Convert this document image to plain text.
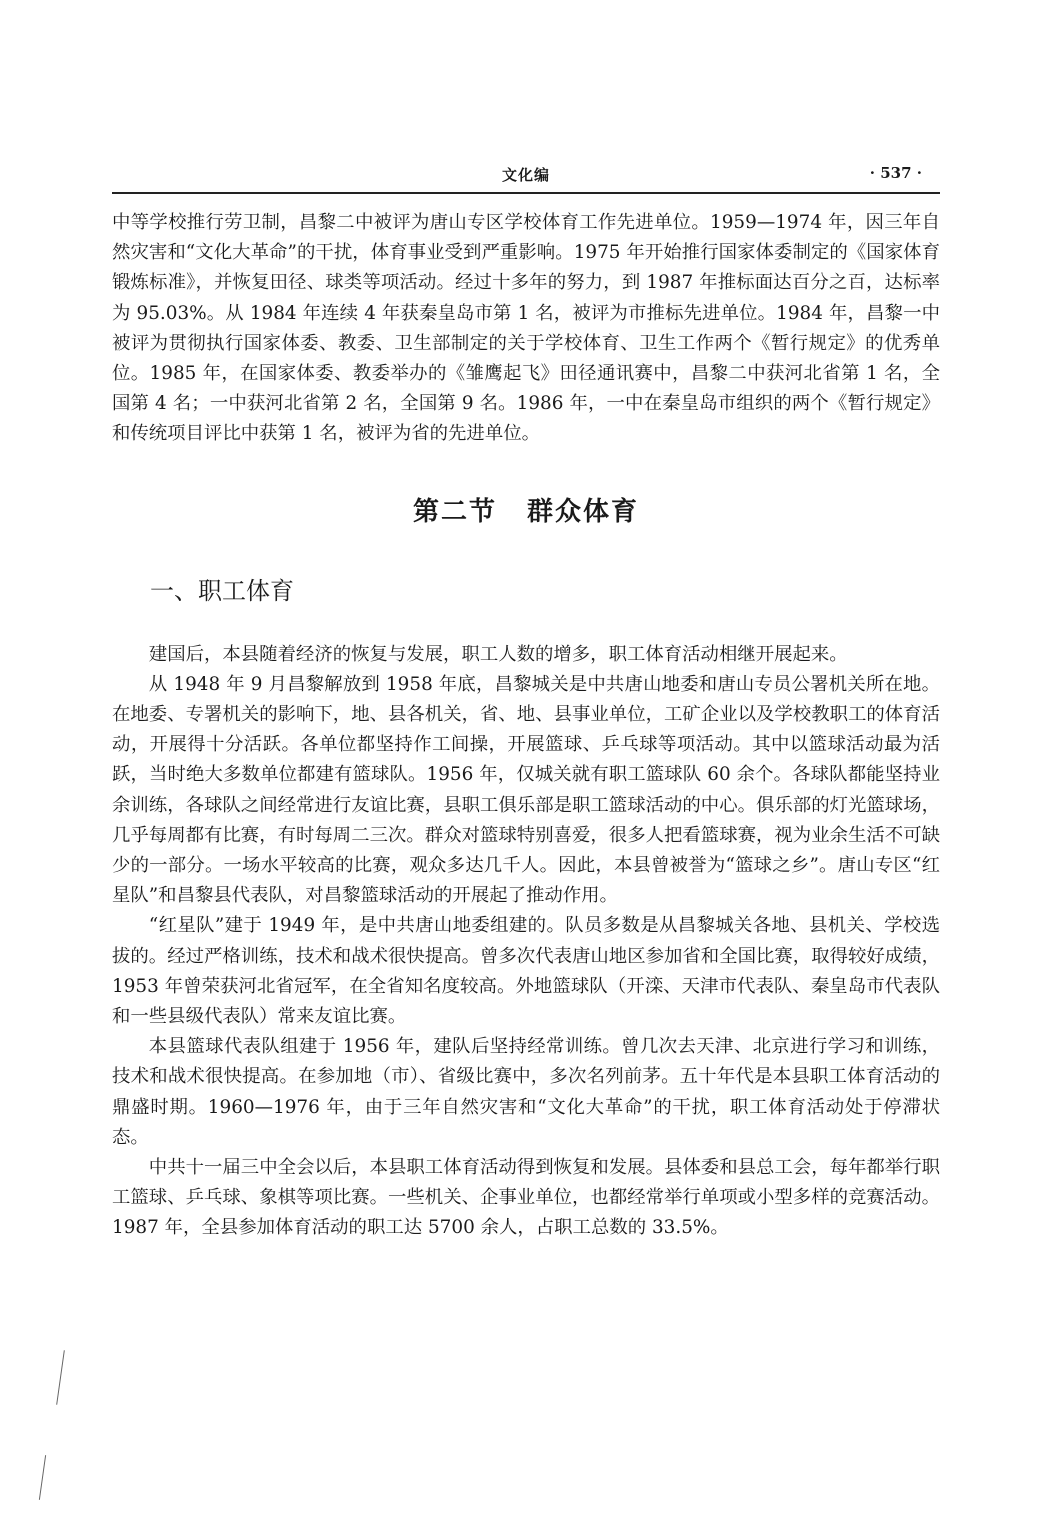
文化编	· 537 ·

中等学校推行劳卫制，昌黎二中被评为唐山专区学校体育工作先进单位。1959—1974 年，因三年自然灾害和“文化大革命”的干扰，体育事业受到严重影响。1975 年开始推行国家体委制定的《国家体育锻炼标准》，并恢复田径、球类等项活动。经过十多年的努力，到 1987 年推标面达百分之百，达标率为 95.03%。从 1984 年连续 4 年获秦皇岛市第 1 名，被评为市推标先进单位。1984 年，昌黎一中被评为贯彻执行国家体委、教委、卫生部制定的关于学校体育、卫生工作两个《暂行规定》的优秀单位。1985 年，在国家体委、教委举办的《雏鹰起飞》田径通讯赛中，昌黎二中获河北省第 1 名，全国第 4 名；一中获河北省第 2 名，全国第 9 名。1986 年，一中在秦皇岛市组织的两个《暂行规定》和传统项目评比中获第 1 名，被评为省的先进单位。

第二节 群众体育
一、职工体育

建国后，本县随着经济的恢复与发展，职工人数的增多，职工体育活动相继开展起来。

从 1948 年 9 月昌黎解放到 1958 年底，昌黎城关是中共唐山地委和唐山专员公署机关所在地。在地委、专署机关的影响下，地、县各机关，省、地、县事业单位，工矿企业以及学校教职工的体育活动，开展得十分活跃。各单位都坚持作工间操，开展篮球、乒乓球等项活动。其中以篮球活动最为活跃，当时绝大多数单位都建有篮球队。1956 年，仅城关就有职工篮球队 60 余个。各球队都能坚持业余训练，各球队之间经常进行友谊比赛，县职工俱乐部是职工篮球活动的中心。俱乐部的灯光篮球场，几乎每周都有比赛，有时每周二三次。群众对篮球特别喜爱，很多人把看篮球赛，视为业余生活不可缺少的一部分。一场水平较高的比赛，观众多达几千人。因此，本县曾被誉为“篮球之乡”。唐山专区“红星队”和昌黎县代表队，对昌黎篮球活动的开展起了推动作用。

“红星队”建于 1949 年，是中共唐山地委组建的。队员多数是从昌黎城关各地、县机关、学校选拔的。经过严格训练，技术和战术很快提高。曾多次代表唐山地区参加省和全国比赛，取得较好成绩，1953 年曾荣获河北省冠军，在全省知名度较高。外地篮球队（开滦、天津市代表队、秦皇岛市代表队和一些县级代表队）常来友谊比赛。

本县篮球代表队组建于 1956 年，建队后坚持经常训练。曾几次去天津、北京进行学习和训练，技术和战术很快提高。在参加地（市）、省级比赛中，多次名列前茅。五十年代是本县职工体育活动的鼎盛时期。1960—1976 年，由于三年自然灾害和“文化大革命”的干扰，职工体育活动处于停滞状态。

中共十一届三中全会以后，本县职工体育活动得到恢复和发展。县体委和县总工会，每年都举行职工篮球、乒乓球、象棋等项比赛。一些机关、企事业单位，也都经常举行单项或小型多样的竞赛活动。1987 年，全县参加体育活动的职工达 5700 余人，占职工总数的 33.5%。
